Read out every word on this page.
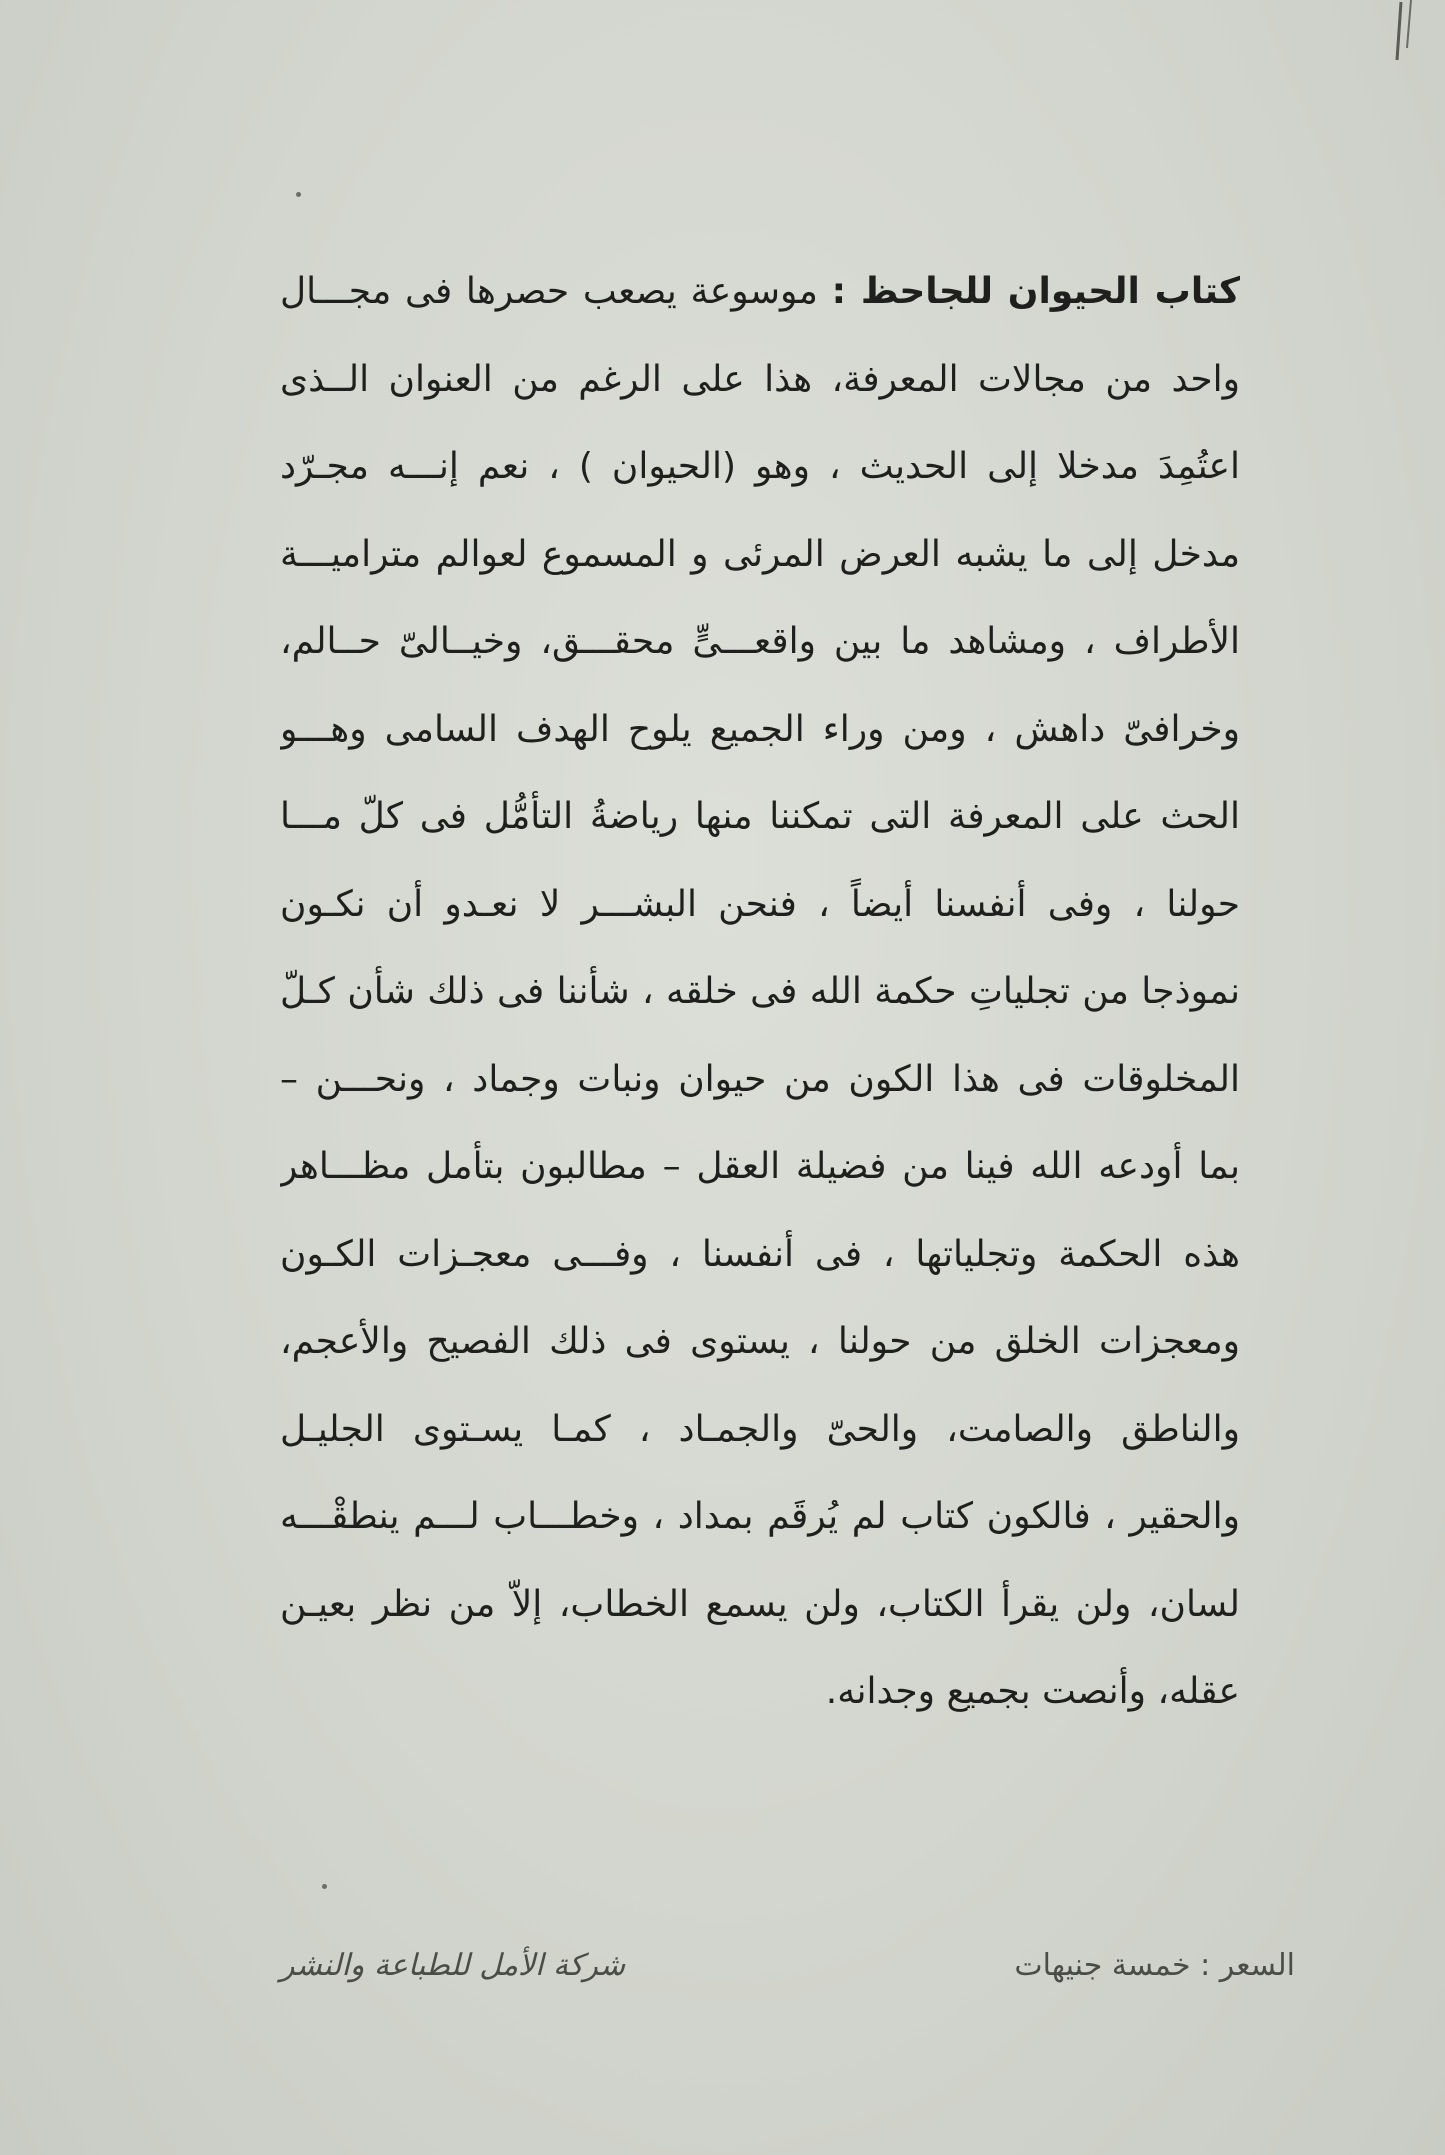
كتاب الحيوان للجاحظ : موسوعة يصعب حصرها فى مجـــال
واحد من مجالات المعرفة، هذا على الرغم من العنوان الــذى
اعتُمِدَ مدخلا إلى الحديث ، وهو (الحيوان ) ، نعم إنـــه مجـرّد
مدخل إلى ما يشبه العرض المرئى و المسموع لعوالم متراميـــة
الأطراف ، ومشاهد ما بين واقعـــىٍّ محقـــق، وخيــالىّ حــالم،
وخرافىّ داهش ، ومن وراء الجميع يلوح الهدف السامى وهـــو
الحث على المعرفة التى تمكننا منها رياضةُ التأمُّل فى كلّ مـــا
حولنا ، وفى أنفسنا أيضاً ، فنحن البشـــر لا نعـدو أن نكـون
نموذجا من تجلياتِ حكمة الله فى خلقه ، شأننا فى ذلك شأن كـلّ
المخلوقات فى هذا الكون من حيوان ونبات وجماد ، ونحـــن –
بما أودعه الله فينا من فضيلة العقل – مطالبون بتأمل مظـــاهر
هذه الحكمة وتجلياتها ، فى أنفسنا ، وفـــى معجـزات الكـون
ومعجزات الخلق من حولنا ، يستوى فى ذلك الفصيح والأعجم،
والناطق والصامت، والحىّ والجمـاد ، كمـا يسـتوى الجليـل
والحقير ، فالكون كتاب لم يُرقَم بمداد ، وخطـــاب لـــم ينطقْـــه
لسان، ولن يقرأ الكتاب، ولن يسمع الخطاب، إلاّ من نظر بعيـن
عقله، وأنصت بجميع وجدانه.
السعر : خمسة جنيهات
شركة الأمل للطباعة والنشر
